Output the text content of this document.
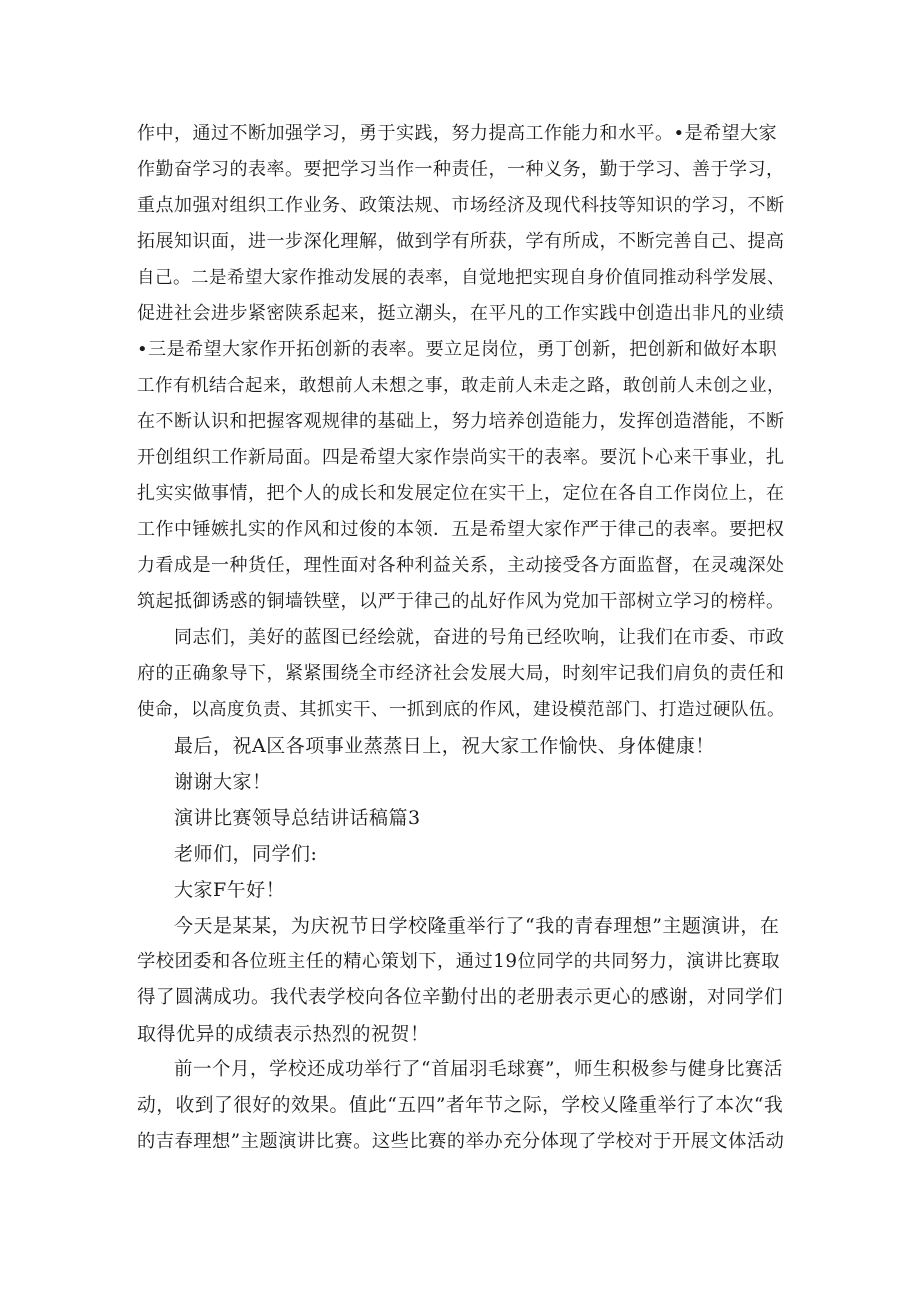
作中，通过不断加强学习，勇于实践，努力提高工作能力和水平。•是希望大家
作勤奋学习的表率。要把学习当作一种责任，一种义务，勤于学习、善于学习，
重点加强对组织工作业务、政策法规、市场经济及现代科技等知识的学习，不断
拓展知识面，进一步深化理解，做到学有所获，学有所成，不断完善自己、提高
自己。二是希望大家作推动发展的表率，自觉地把实现自身价值同推动科学发展、
促进社会进步紧密陕系起来，挺立潮头，在平凡的工作实践中创造出非凡的业绩
•三是希望大家作开拓创新的表率。要立足岗位，勇丁创新，把创新和做好本职
工作有机结合起来，敢想前人未想之事，敢走前人未走之路，敢创前人未创之业，
在不断认识和把握客观规律的基础上，努力培养创造能力，发挥创造潜能，不断
开创组织工作新局面。四是希望大家作崇尚实干的表率。要沉卜心来干事业，扎
扎实实做事情，把个人的成长和发展定位在实干上，定位在各自工作岗位上，在
工作中锤嫉扎实的作风和过俊的本领．五是希望大家作严于律己的表率。要把权
力看成是一种货任，理性面对各种利益关系，主动接受各方面监督，在灵魂深处
筑起抵御诱惑的铜墙铁壁，以严于律己的乩好作风为党加干部树立学习的榜样。
同志们，美好的蓝图已经绘就，奋进的号角已经吹响，让我们在市委、市政
府的正确象导下，紧紧围绕全市经济社会发展大局，时刻牢记我们肩负的责任和
使命，以高度负责、其抓实干、一抓到底的作风，建设模范部门、打造过硬队伍。
最后，祝A区各项事业蒸蒸日上，祝大家工作愉快、身体健康！
谢谢大家！
演讲比赛领导总结讲话稿篇3
老师们，同学们:
大家F午好！
今天是某某，为庆祝节日学校隆重举行了“我的青春理想”主题演讲，在
学校团委和各位班主任的精心策划下，通过19位同学的共同努力，演讲比赛取
得了圆满成功。我代表学校向各位辛勤付出的老册表示更心的感谢，对同学们
取得优异的成绩表示热烈的祝贺！
前一个月，学校还成功举行了“首届羽毛球赛”，师生积极参与健身比赛活
动，收到了很好的效果。值此“五四”者年节之际，学校乂隆重举行了本次“我
的吉春理想”主题演讲比赛。这些比赛的举办充分体现了学校对于开展文体活动
